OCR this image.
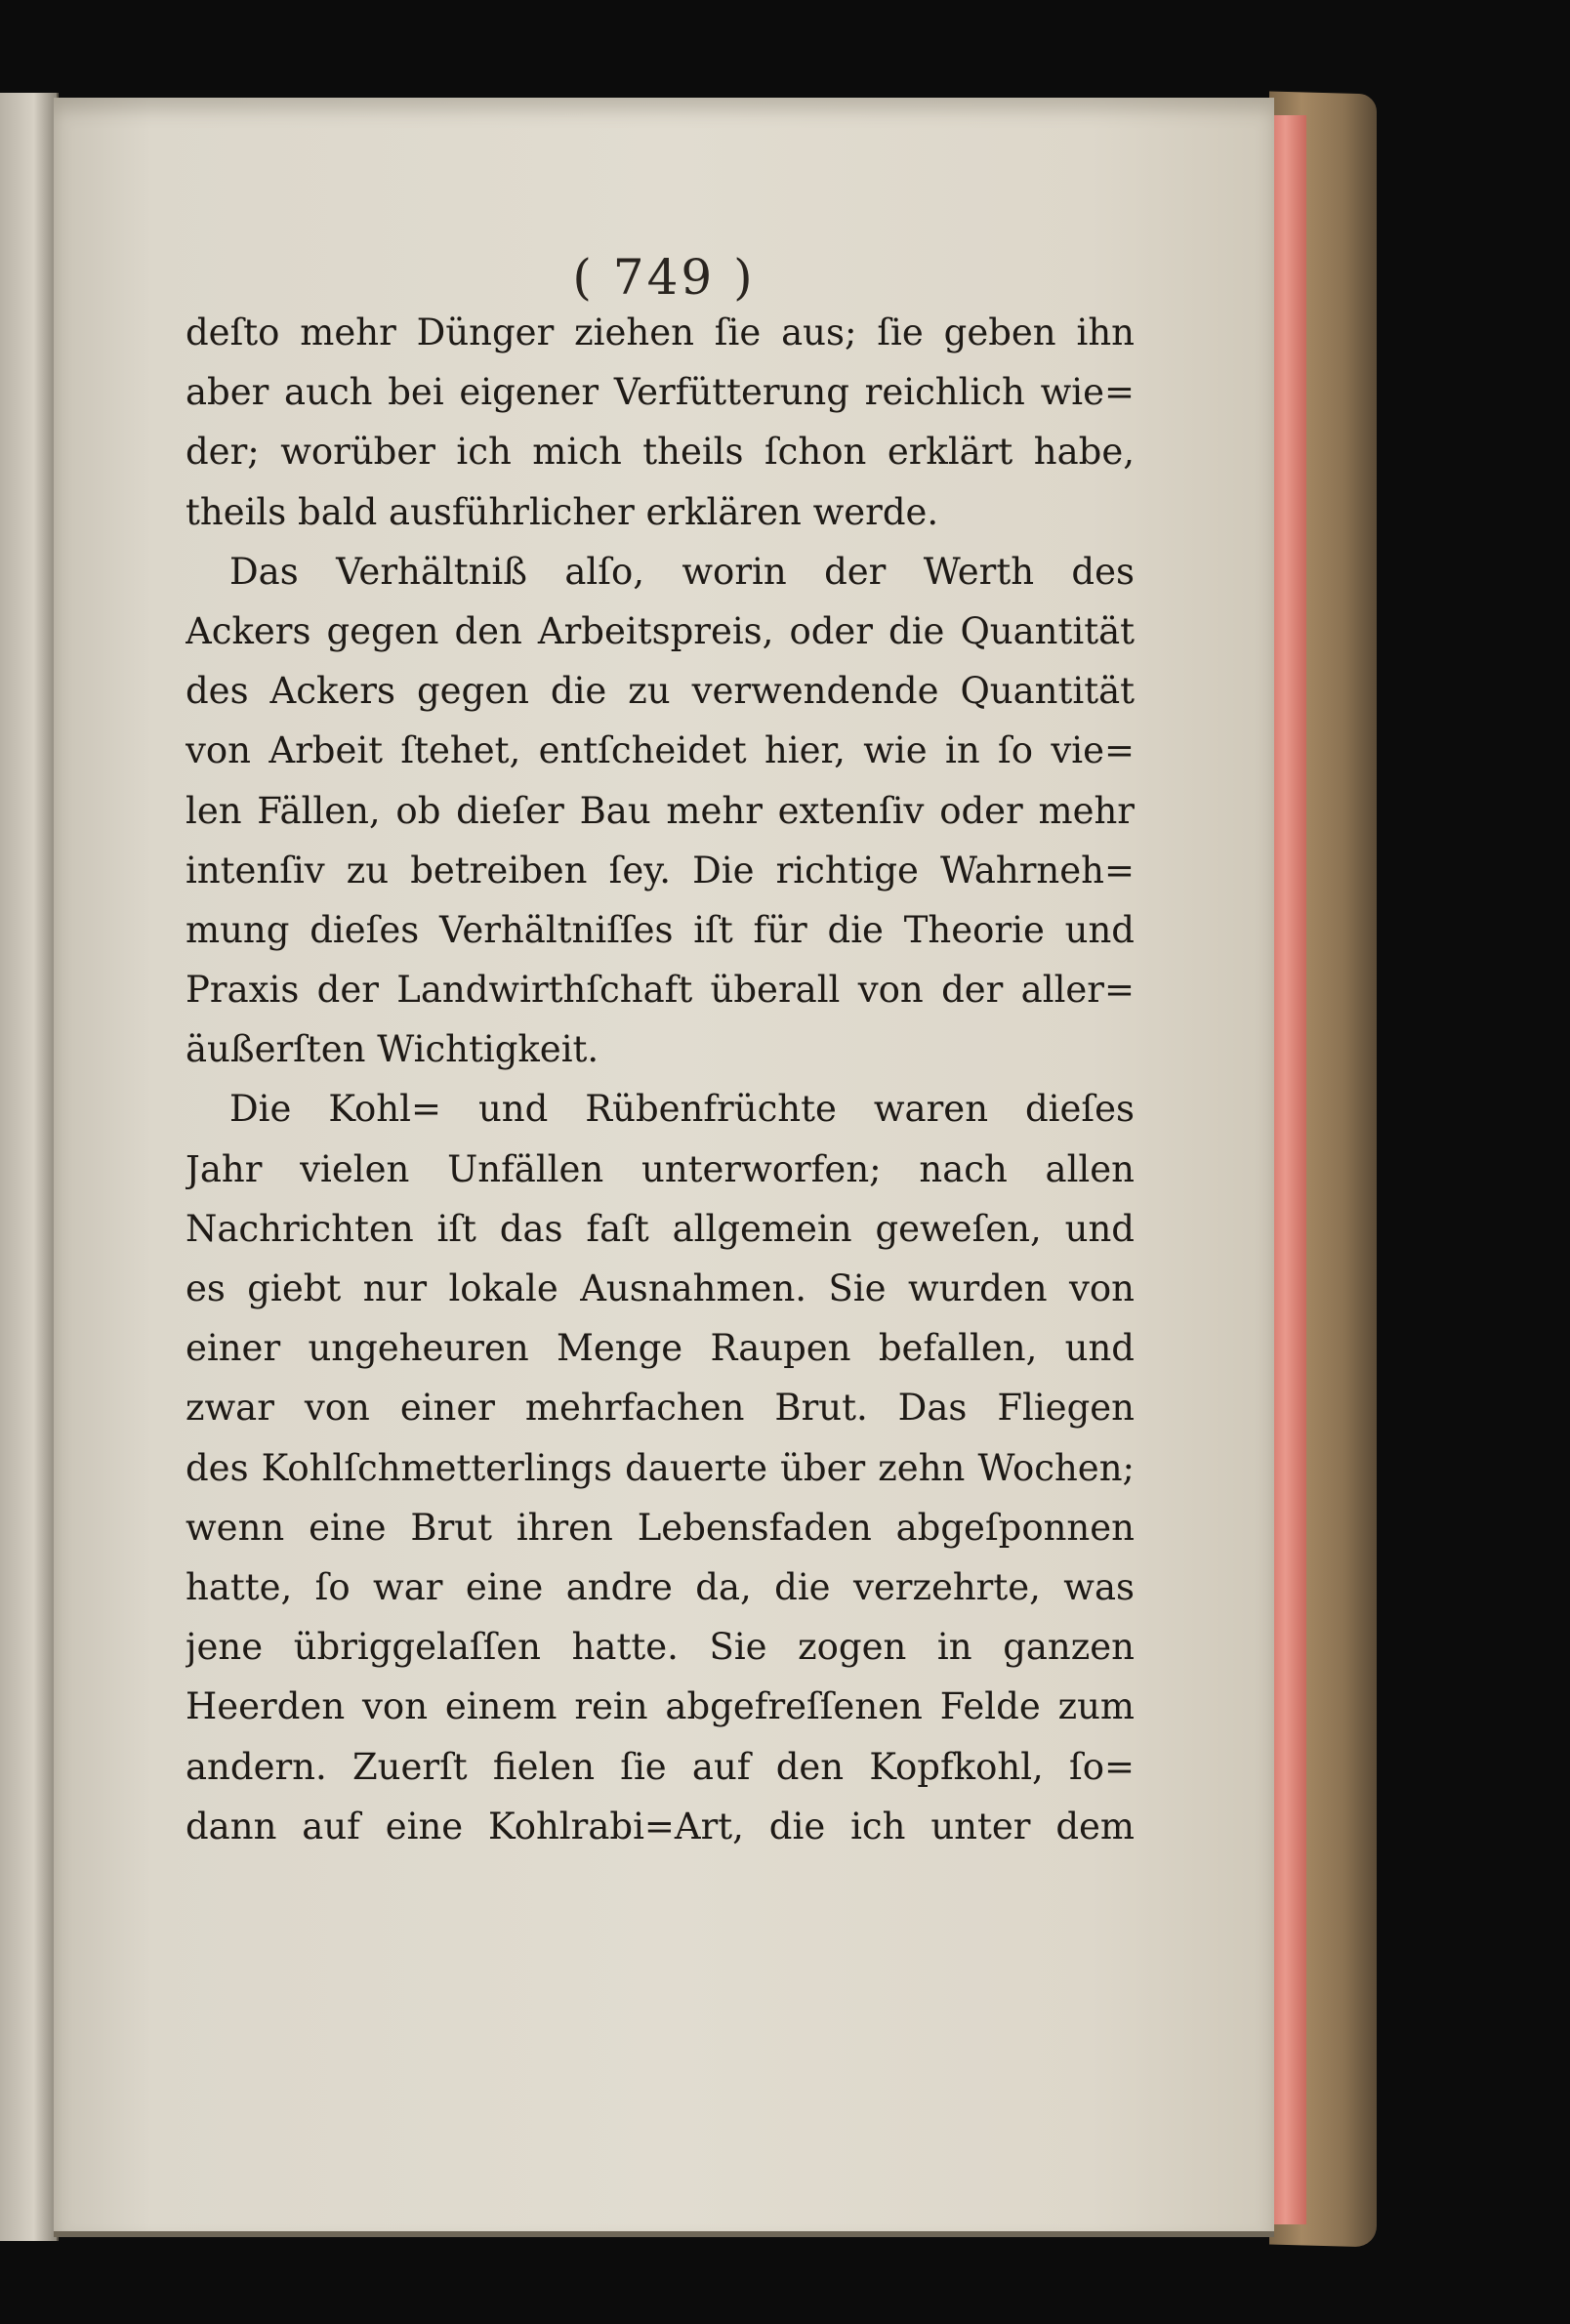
( 749 )
deſto mehr Dünger ziehen ſie aus; ſie geben ihn
aber auch bei eigener Verfütterung reichlich wie=
der; worüber ich mich theils ſchon erklärt habe,
theils bald ausführlicher erklären werde.
Das Verhältniß alſo, worin der Werth des
Ackers gegen den Arbeitspreis, oder die Quantität
des Ackers gegen die zu verwendende Quantität
von Arbeit ſtehet, entſcheidet hier, wie in ſo vie=
len Fällen, ob dieſer Bau mehr extenſiv oder mehr
intenſiv zu betreiben ſey. Die richtige Wahrneh=
mung dieſes Verhältniſſes iſt für die Theorie und
Praxis der Landwirthſchaft überall von der aller=
äußerſten Wichtigkeit.
Die Kohl= und Rübenfrüchte waren dieſes
Jahr vielen Unfällen unterworfen; nach allen
Nachrichten iſt das faſt allgemein geweſen, und
es giebt nur lokale Ausnahmen. Sie wurden von
einer ungeheuren Menge Raupen befallen, und
zwar von einer mehrfachen Brut. Das Fliegen
des Kohlſchmetterlings dauerte über zehn Wochen;
wenn eine Brut ihren Lebensfaden abgeſponnen
hatte, ſo war eine andre da, die verzehrte, was
jene übriggelaſſen hatte. Sie zogen in ganzen
Heerden von einem rein abgefreſſenen Felde zum
andern. Zuerſt fielen ſie auf den Kopfkohl, ſo=
dann auf eine Kohlrabi=Art, die ich unter dem
